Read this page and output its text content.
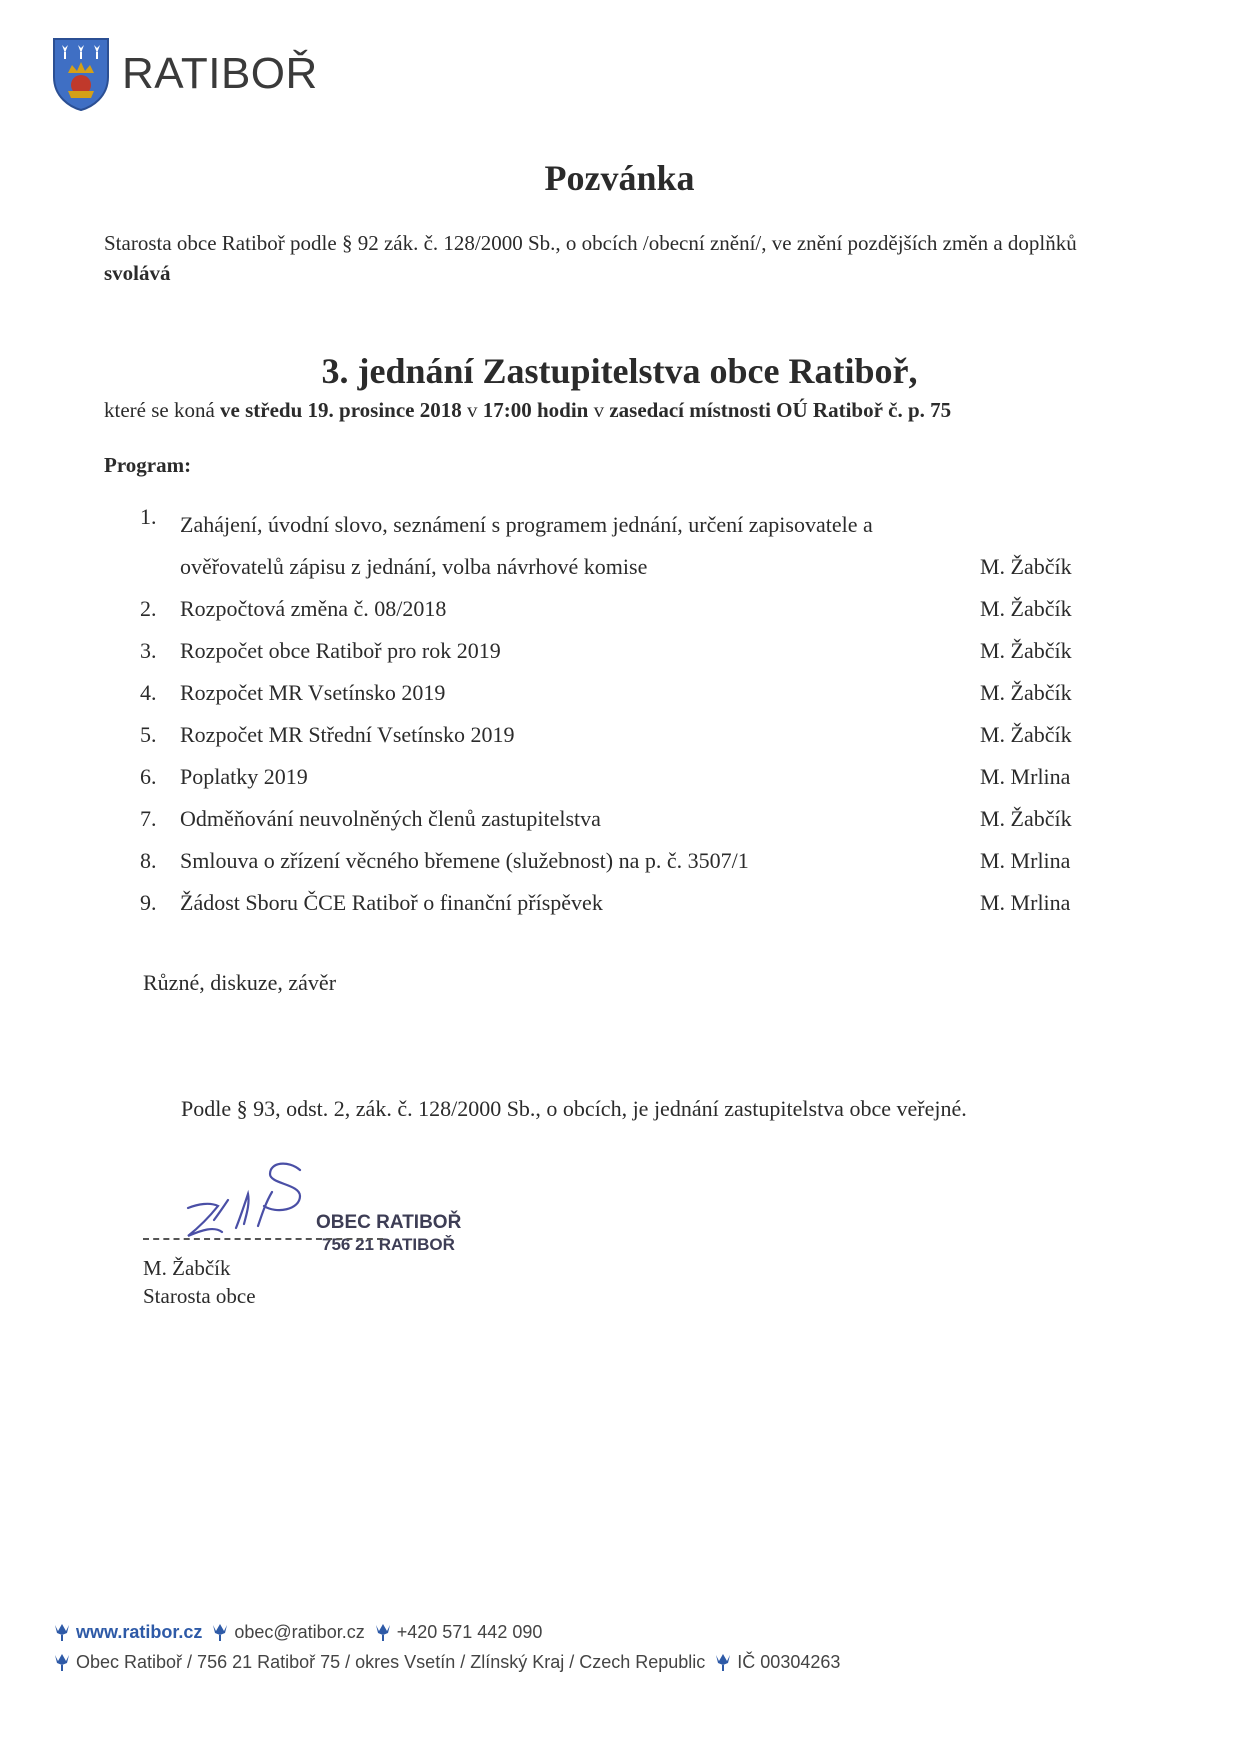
RATIBOŘ
Pozvánka
Starosta obce Ratiboř podle § 92 zák. č. 128/2000 Sb., o obcích /obecní znění/, ve znění pozdějších změn a doplňků svolává
3. jednání Zastupitelstva obce Ratiboř,
které se koná ve středu 19. prosince 2018 v 17:00 hodin v zasedací místnosti OÚ Ratiboř č. p. 75
Program:
1.	Zahájení, úvodní slovo, seznámení s programem jednání, určení zapisovatele a ověřovatelů zápisu z jednání, volba návrhové komise	M. Žabčík
2.	Rozpočtová změna č. 08/2018	M. Žabčík
3.	Rozpočet obce Ratiboř pro rok 2019	M. Žabčík
4.	Rozpočet MR Vsetínsko 2019	M. Žabčík
5.	Rozpočet MR Střední Vsetínsko 2019	M. Žabčík
6.	Poplatky 2019	M. Mrlina
7.	Odměňování neuvolněných členů zastupitelstva	M. Žabčík
8.	Smlouva o zřízení věcného břemene (služebnost) na p. č. 3507/1	M. Mrlina
9.	Žádost Sboru ČCE Ratiboř o finanční příspěvek	M. Mrlina
Různé, diskuze, závěr
Podle § 93, odst. 2, zák. č. 128/2000 Sb., o obcích, je jednání zastupitelstva obce veřejné.
OBEC RATIBOŘ
756 21 RATIBOŘ
M. Žabčík
Starosta obce
www.ratibor.cz obec@ratibor.cz +420 571 442 090
Obec Ratiboř / 756 21 Ratiboř 75 / okres Vsetín / Zlínský Kraj / Czech Republic IČ 00304263
